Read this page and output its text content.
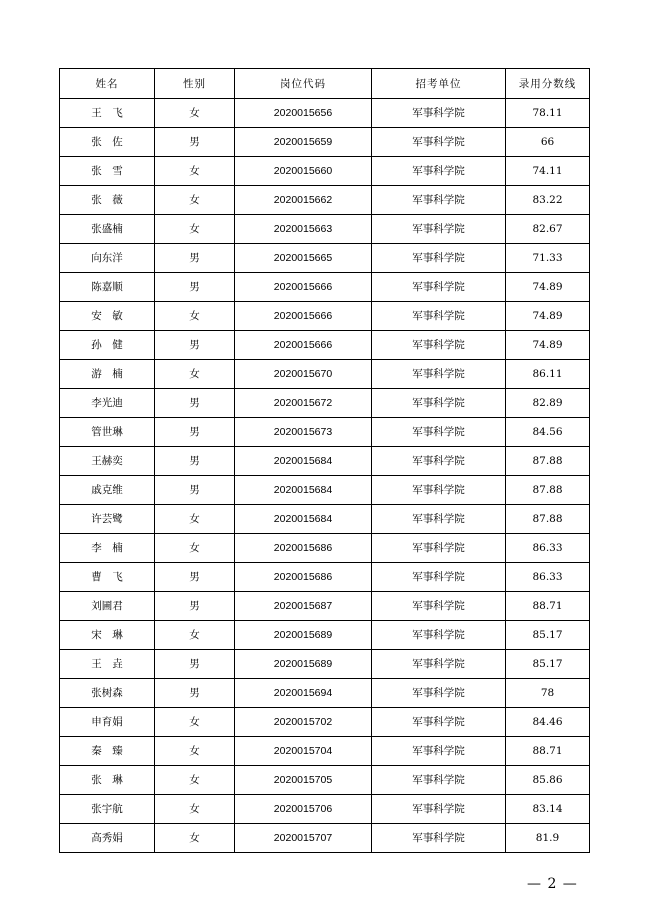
姓名	性别	岗位代码	招考单位	录用分数线
王　飞	女	2020015656	军事科学院	78.11
张　佐	男	2020015659	军事科学院	66
张　雪	女	2020015660	军事科学院	74.11
张　薇	女	2020015662	军事科学院	83.22
张盛楠	女	2020015663	军事科学院	82.67
向东洋	男	2020015665	军事科学院	71.33
陈嘉顺	男	2020015666	军事科学院	74.89
安　敏	女	2020015666	军事科学院	74.89
孙　健	男	2020015666	军事科学院	74.89
游　楠	女	2020015670	军事科学院	86.11
李光迪	男	2020015672	军事科学院	82.89
管世琳	男	2020015673	军事科学院	84.56
王赫奕	男	2020015684	军事科学院	87.88
戚克维	男	2020015684	军事科学院	87.88
许芸鹭	女	2020015684	军事科学院	87.88
李　楠	女	2020015686	军事科学院	86.33
曹　飞	男	2020015686	军事科学院	86.33
刘圃君	男	2020015687	军事科学院	88.71
宋　琳	女	2020015689	军事科学院	85.17
王　垚	男	2020015689	军事科学院	85.17
张树森	男	2020015694	军事科学院	78
申育娟	女	2020015702	军事科学院	84.46
秦　臻	女	2020015704	军事科学院	88.71
张　琳	女	2020015705	军事科学院	85.86
张宇航	女	2020015706	军事科学院	83.14
高秀娟	女	2020015707	军事科学院	81.9
— 2 —
